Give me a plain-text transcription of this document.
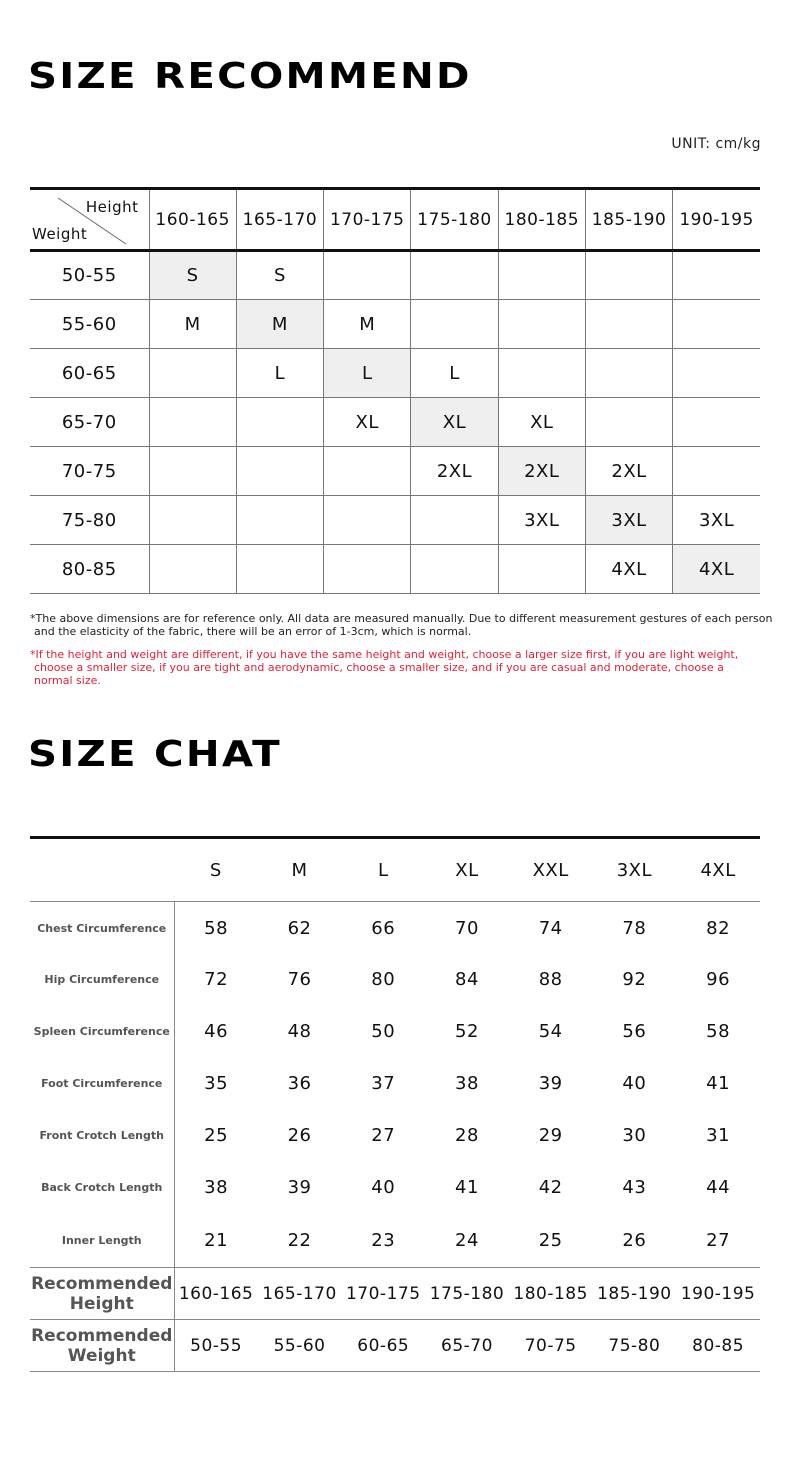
SIZE RECOMMEND
UNIT: cm/kg
Height
Weight	160-165	165-170	170-175	175-180	180-185	185-190	190-195
50-55	S	S					
55-60	M	M	M				
60-65		L	L	L			
65-70			XL	XL	XL		
70-75				2XL	2XL	2XL	
75-80					3XL	3XL	3XL
80-85						4XL	4XL
*The above dimensions are for reference only. All data are measured manually. Due to different measurement gestures of each person
and the elasticity of the fabric, there will be an error of 1-3cm, which is normal.
*If the height and weight are different, if you have the same height and weight, choose a larger size first, if you are light weight,
choose a smaller size, if you are tight and aerodynamic, choose a smaller size, and if you are casual and moderate, choose a
normal size.
SIZE CHAT
	S	M	L	XL	XXL	3XL	4XL
Chest Circumference	58	62	66	70	74	78	82
Hip Circumference	72	76	80	84	88	92	96
Spleen Circumference	46	48	50	52	54	56	58
Foot Circumference	35	36	37	38	39	40	41
Front Crotch Length	25	26	27	28	29	30	31
Back Crotch Length	38	39	40	41	42	43	44
Inner Length	21	22	23	24	25	26	27
Recommended Height	160-165	165-170	170-175	175-180	180-185	185-190	190-195
Recommended Weight	50-55	55-60	60-65	65-70	70-75	75-80	80-85
